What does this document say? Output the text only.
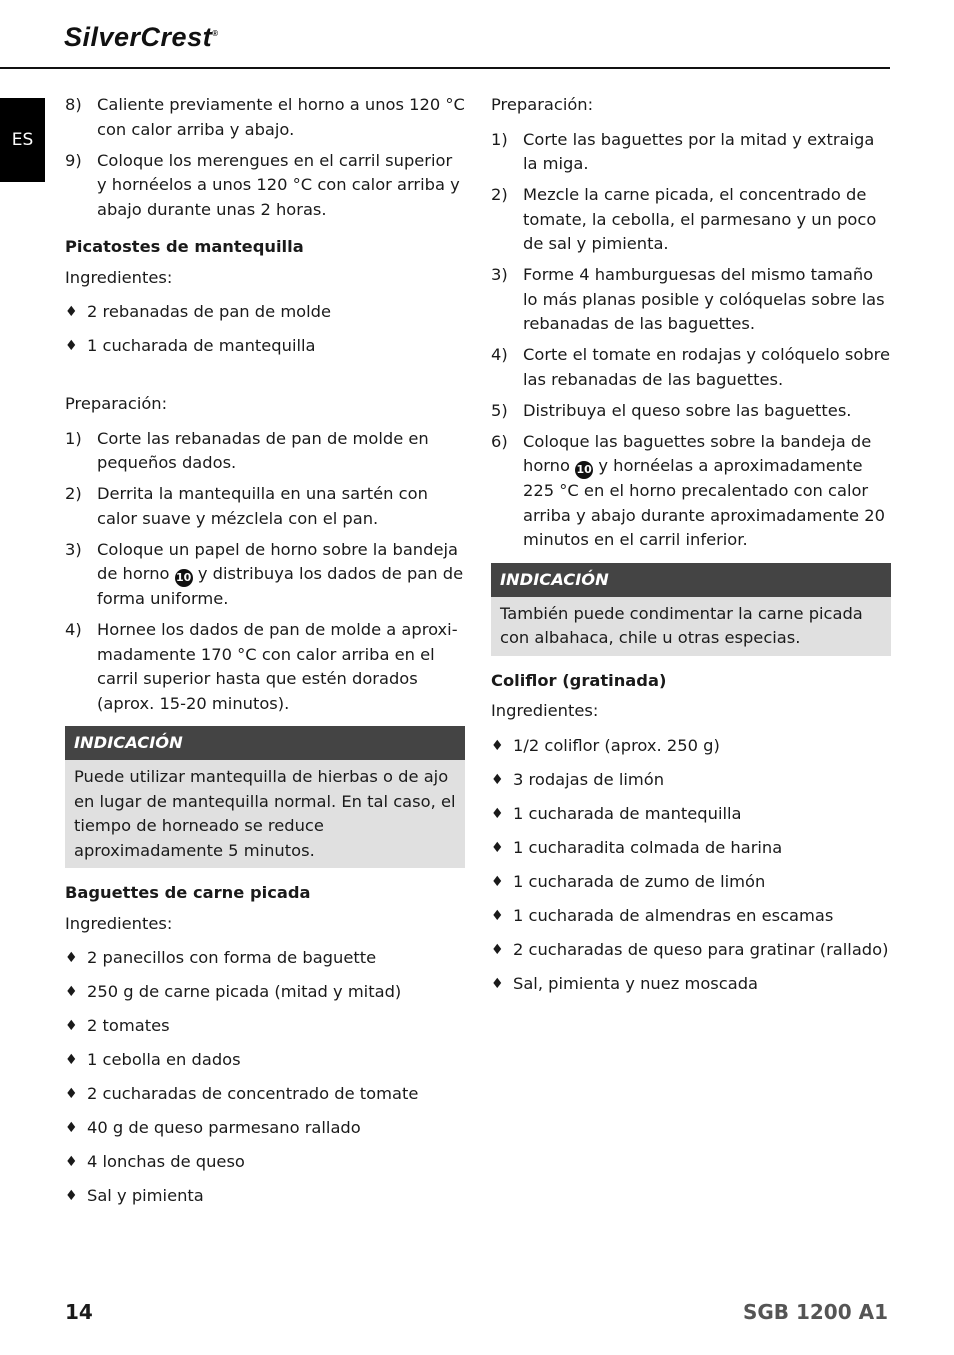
SilverCrest®
ES
8) Caliente previamente el horno a unos 120 °C con calor arriba y abajo.
9) Coloque los merengues en el carril superior y hornéelos a unos 120 °C con calor arriba y abajo durante unas 2 horas.
Picatostes de mantequilla
Ingredientes:
♦ 2 rebanadas de pan de molde
♦ 1 cucharada de mantequilla
Preparación:
1) Corte las rebanadas de pan de molde en pequeños dados.
2) Derrita la mantequilla en una sartén con calor suave y mézclela con el pan.
3) Coloque un papel de horno sobre la bandeja de horno 10 y distribuya los dados de pan de forma uniforme.
4) Hornee los dados de pan de molde a aproximadamente 170 °C con calor arriba en el carril superior hasta que estén dorados (aprox. 15-20 minutos).
INDICACIÓN
Puede utilizar mantequilla de hierbas o de ajo en lugar de mantequilla normal. En tal caso, el tiempo de horneado se reduce aproximadamente 5 minutos.
Baguettes de carne picada
Ingredientes:
♦ 2 panecillos con forma de baguette
♦ 250 g de carne picada (mitad y mitad)
♦ 2 tomates
♦ 1 cebolla en dados
♦ 2 cucharadas de concentrado de tomate
♦ 40 g de queso parmesano rallado
♦ 4 lonchas de queso
♦ Sal y pimienta
Preparación:
1) Corte las baguettes por la mitad y extraiga la miga.
2) Mezcle la carne picada, el concentrado de tomate, la cebolla, el parmesano y un poco de sal y pimienta.
3) Forme 4 hamburguesas del mismo tamaño lo más planas posible y colóquelas sobre las rebanadas de las baguettes.
4) Corte el tomate en rodajas y colóquelo sobre las rebanadas de las baguettes.
5) Distribuya el queso sobre las baguettes.
6) Coloque las baguettes sobre la bandeja de horno 10 y hornéelas a aproximadamente 225 °C en el horno precalentado con calor arriba y abajo durante aproximadamente 20 minutos en el carril inferior.
INDICACIÓN
También puede condimentar la carne picada con albahaca, chile u otras especias.
Coliflor (gratinada)
Ingredientes:
♦ 1/2 coliflor (aprox. 250 g)
♦ 3 rodajas de limón
♦ 1 cucharada de mantequilla
♦ 1 cucharadita colmada de harina
♦ 1 cucharada de zumo de limón
♦ 1 cucharada de almendras en escamas
♦ 2 cucharadas de queso para gratinar (rallado)
♦ Sal, pimienta y nuez moscada
14	SGB 1200 A1
